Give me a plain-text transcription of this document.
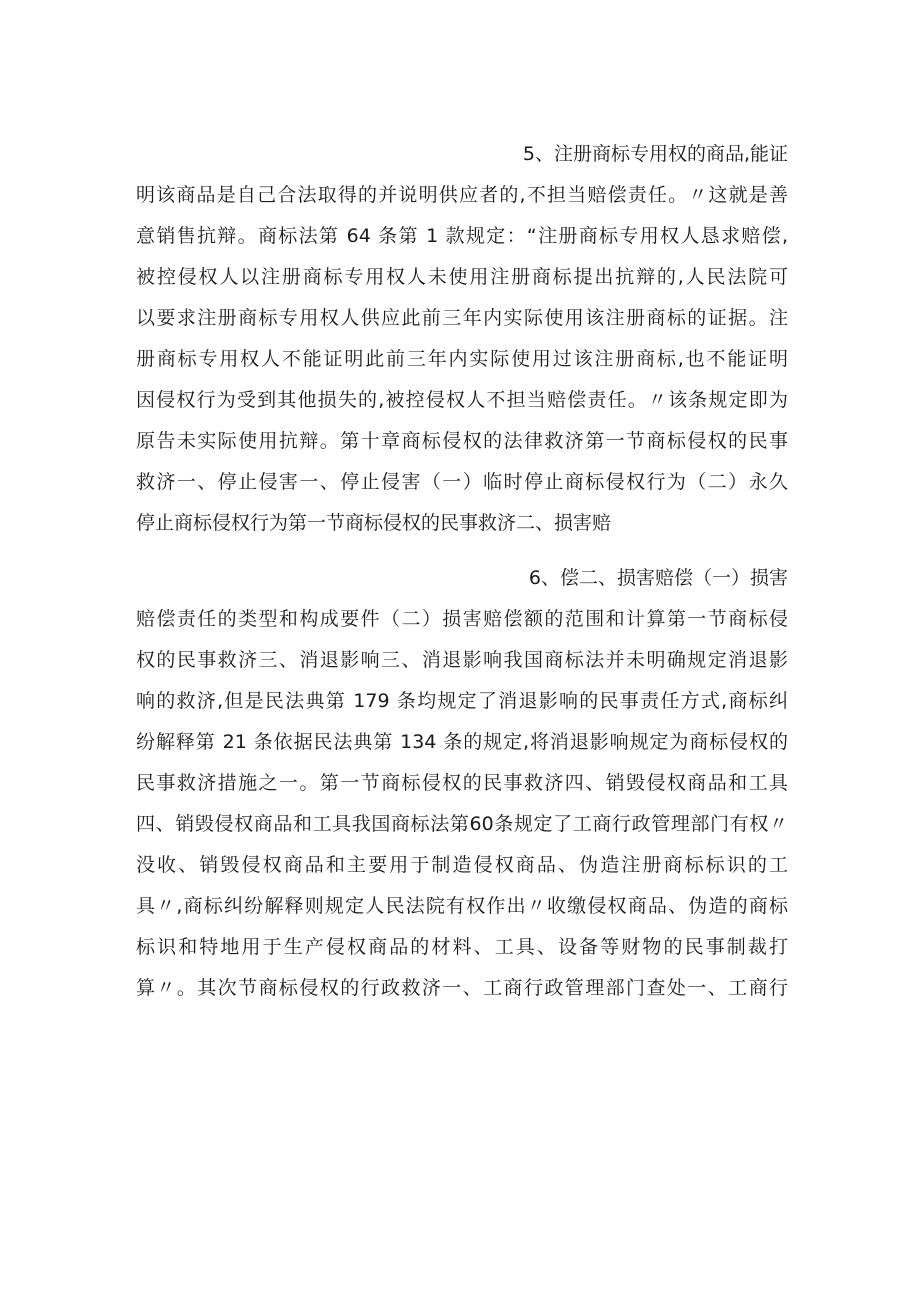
5、注册商标专用权的商品,能证
明该商品是自己合法取得的并说明供应者的,不担当赔偿责任。〃这就是善
意销售抗辩。商标法第 64 条第 1 款规定：“注册商标专用权人恳求赔偿,
被控侵权人以注册商标专用权人未使用注册商标提出抗辩的,人民法院可
以要求注册商标专用权人供应此前三年内实际使用该注册商标的证据。注
册商标专用权人不能证明此前三年内实际使用过该注册商标,也不能证明
因侵权行为受到其他损失的,被控侵权人不担当赔偿责任。〃该条规定即为
原告未实际使用抗辩。第十章商标侵权的法律救济第一节商标侵权的民事
救济一、停止侵害一、停止侵害（一）临时停止商标侵权行为（二）永久
停止商标侵权行为第一节商标侵权的民事救济二、损害赔
6、偿二、损害赔偿（一）损害
赔偿责任的类型和构成要件（二）损害赔偿额的范围和计算第一节商标侵
权的民事救济三、消退影响三、消退影响我国商标法并未明确规定消退影
响的救济,但是民法典第 179 条均规定了消退影响的民事责任方式,商标纠
纷解释第 21 条依据民法典第 134 条的规定,将消退影响规定为商标侵权的
民事救济措施之一。第一节商标侵权的民事救济四、销毁侵权商品和工具
四、销毁侵权商品和工具我国商标法第60条规定了工商行政管理部门有权〃
没收、销毁侵权商品和主要用于制造侵权商品、伪造注册商标标识的工
具〃,商标纠纷解释则规定人民法院有权作出〃收缴侵权商品、伪造的商标
标识和特地用于生产侵权商品的材料、工具、设备等财物的民事制裁打
算〃。其次节商标侵权的行政救济一、工商行政管理部门查处一、工商行
